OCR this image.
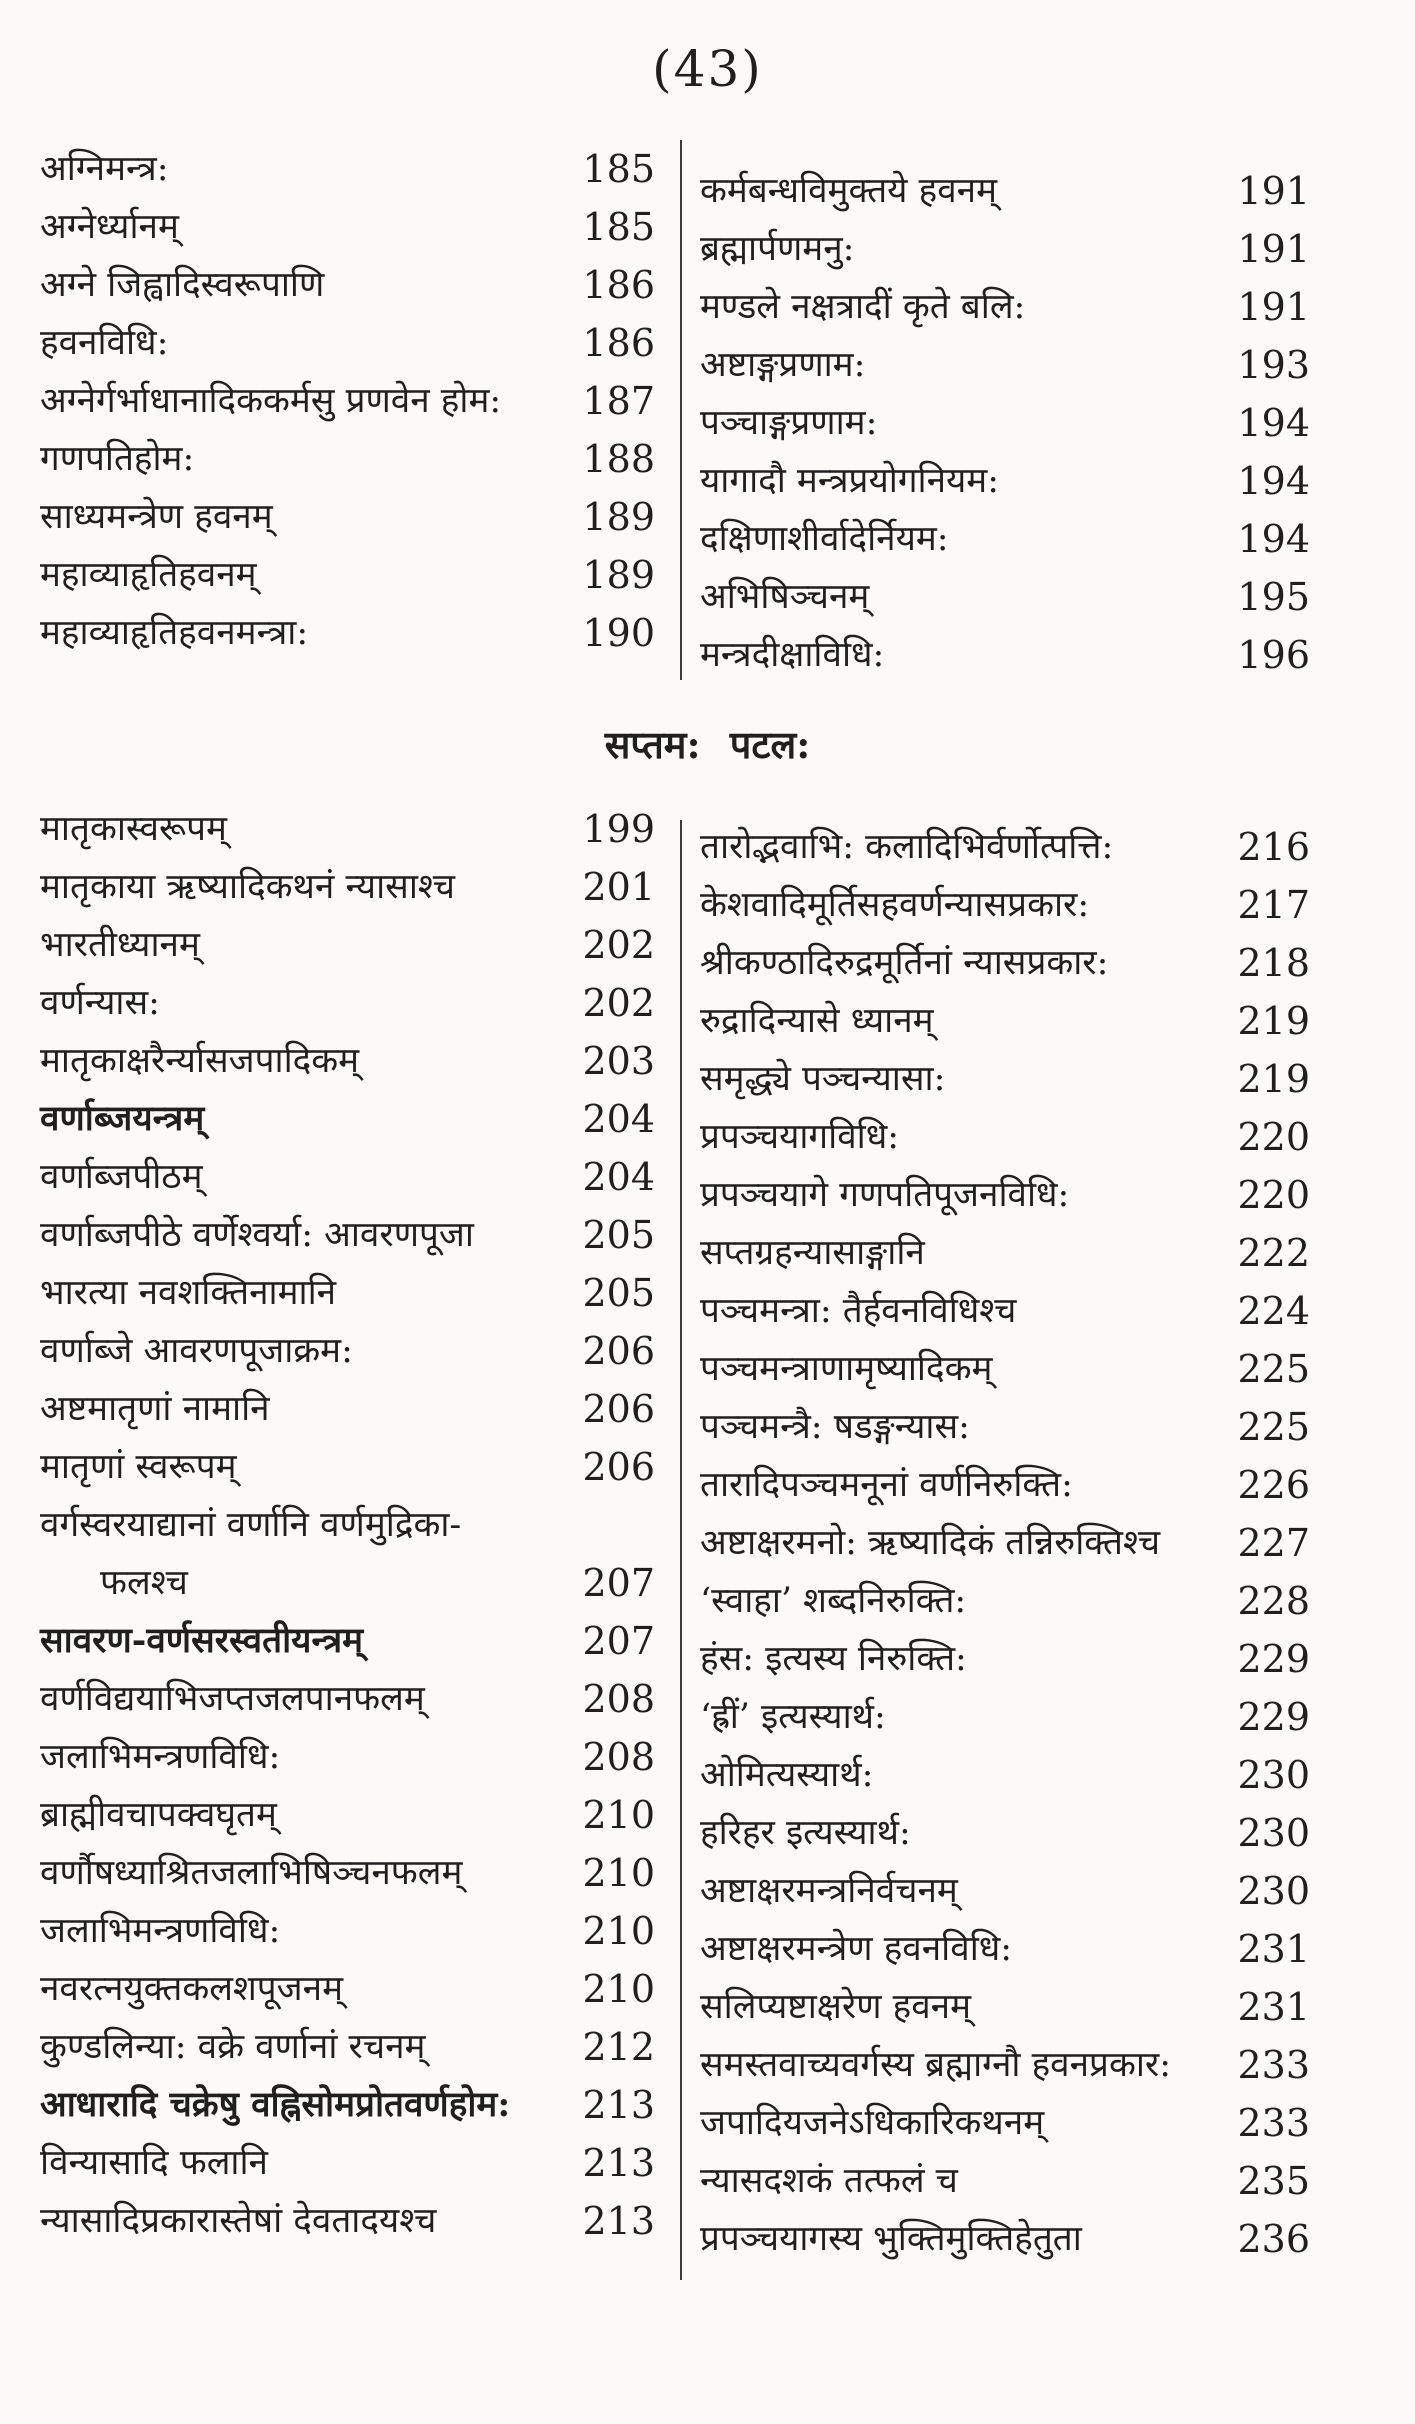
(43)
अग्निमन्त्र:	185
अग्नेर्ध्यानम्	185
अग्ने जिह्वादिस्वरूपाणि	186
हवनविधि:	186
अग्नेर्गर्भाधानादिककर्मसु प्रणवेन होम: 187
गणपतिहोम:	188
साध्यमन्त्रेण हवनम्	189
महाव्याहृतिहवनम्	189
महाव्याहृतिहवनमन्त्रा:	190
कर्मबन्धविमुक्तये हवनम्	191
ब्रह्मार्पणमनु:	191
मण्डले नक्षत्रादीं कृते बलि:	191
अष्टाङ्गप्रणाम:	193
पञ्चाङ्गप्रणाम:	194
यागादौ मन्त्रप्रयोगनियम:	194
दक्षिणाशीर्वादेर्नियम:	194
अभिषिञ्चनम्	195
मन्त्रदीक्षाविधि:	196
सप्तम: पटल:
मातृकास्वरूपम्	199
मातृकाया ऋष्यादिकथनं न्यासाश्च	201
भारतीध्यानम्	202
वर्णन्यास:	202
मातृकाक्षरैर्न्यासजपादिकम्	203
वर्णाब्जयन्त्रम्	204
वर्णाब्जपीठम्	204
वर्णाब्जपीठे वर्णेश्वर्या: आवरणपूजा	205
भारत्या नवशक्तिनामानि	205
वर्णाब्जे आवरणपूजाक्रम:	206
अष्टमातृणां नामानि	206
मातृणां स्वरूपम्	206
वर्गस्वरयाद्यानां वर्णानि वर्णमुद्रिका-
फलश्च	207
सावरण-वर्णसरस्वतीयन्त्रम्	207
वर्णविद्ययाभिजप्तजलपानफलम्	208
जलाभिमन्त्रणविधि:	208
ब्राह्मीवचापक्वघृतम्	210
वर्णौषध्याश्रितजलाभिषिञ्चनफलम्	210
जलाभिमन्त्रणविधि:	210
नवरत्नयुक्तकलशपूजनम्	210
कुण्डलिन्या: वक्रे वर्णानां रचनम्	212
आधारादि चक्रेषु वह्निसोमप्रोतवर्णहोम: 213
विन्यासादि फलानि	213
न्यासादिप्रकारास्तेषां देवतादयश्च	213
तारोद्भवाभि: कलादिभिर्वर्णोत्पत्ति:	216
केशवादिमूर्तिसहवर्णन्यासप्रकार:	217
श्रीकण्ठादिरुद्रमूर्तिनां न्यासप्रकार:	218
रुद्रादिन्यासे ध्यानम्	219
समृद्ध्ये पञ्चन्यासा:	219
प्रपञ्चयागविधि:	220
प्रपञ्चयागे गणपतिपूजनविधि:	220
सप्तग्रहन्यासाङ्गानि	222
पञ्चमन्त्रा: तैर्हवनविधिश्च	224
पञ्चमन्त्राणामृष्यादिकम्	225
पञ्चमन्त्रै: षडङ्गन्यास:	225
तारादिपञ्चमनूनां वर्णनिरुक्ति:	226
अष्टाक्षरमनो: ऋष्यादिकं तन्निरुक्तिश्च 227
‘स्वाहा’ शब्दनिरुक्ति:	228
हंस: इत्यस्य निरुक्ति:	229
‘ह्रीं’ इत्यस्यार्थ:	229
ओमित्यस्यार्थ:	230
हरिहर इत्यस्यार्थ:	230
अष्टाक्षरमन्त्रनिर्वचनम्	230
अष्टाक्षरमन्त्रेण हवनविधि:	231
सलिप्यष्टाक्षरेण हवनम्	231
समस्तवाच्यवर्गस्य ब्रह्माग्नौ हवनप्रकार: 233
जपादियजनेऽधिकारिकथनम्	233
न्यासदशकं तत्फलं च	235
प्रपञ्चयागस्य भुक्तिमुक्तिहेतुता	236
